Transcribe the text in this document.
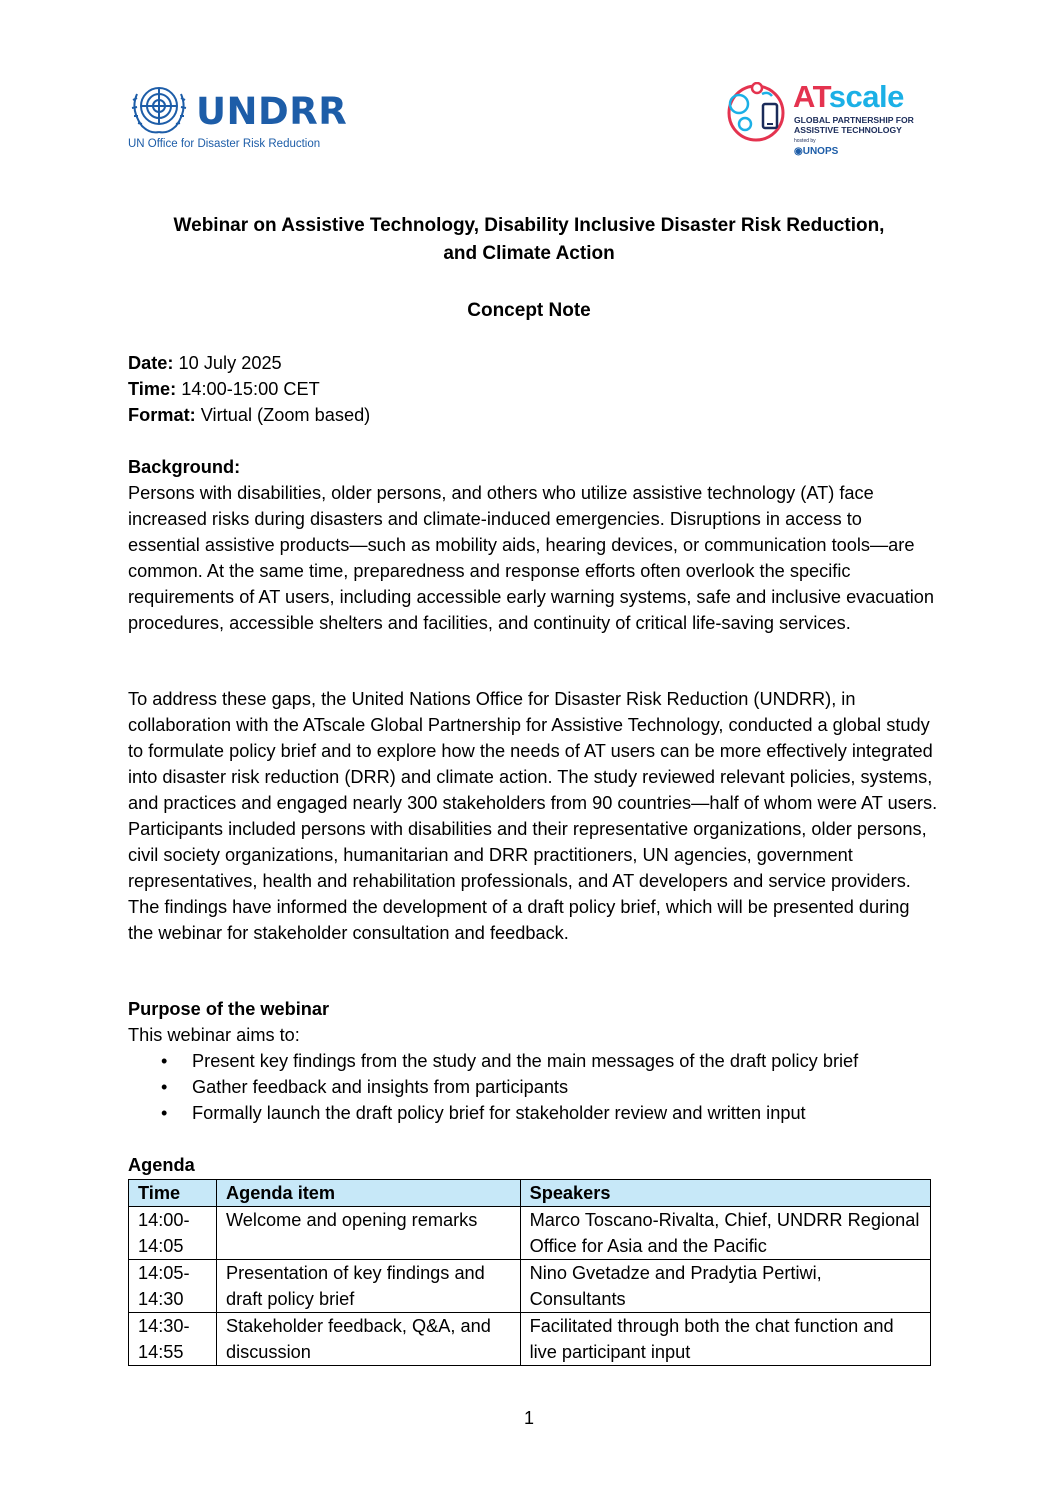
UNDRR
UN Office for Disaster Risk Reduction
ATscale
GLOBAL PARTNERSHIP FOR
ASSISTIVE TECHNOLOGY
hosted by
◉UNOPS
Webinar on Assistive Technology, Disability Inclusive Disaster Risk Reduction,
and Climate Action
Concept Note

Date: 10 July 2025

Time: 14:00-15:00 CET

Format: Virtual (Zoom based)

Background:
Persons with disabilities, older persons, and others who utilize assistive technology (AT) face increased risks during disasters and climate-induced emergencies. Disruptions in access to essential assistive products—such as mobility aids, hearing devices, or communication tools—are common. At the same time, preparedness and response efforts often overlook the specific requirements of AT users, including accessible early warning systems, safe and inclusive evacuation procedures, accessible shelters and facilities, and continuity of critical life-saving services.
To address these gaps, the United Nations Office for Disaster Risk Reduction (UNDRR), in collaboration with the ATscale Global Partnership for Assistive Technology, conducted a global study to formulate policy brief and to explore how the needs of AT users can be more effectively integrated into disaster risk reduction (DRR) and climate action. The study reviewed relevant policies, systems, and practices and engaged nearly 300 stakeholders from 90 countries—half of whom were AT users. Participants included persons with disabilities and their representative organizations, older persons, civil society organizations, humanitarian and DRR practitioners, UN agencies, government representatives, health and rehabilitation professionals, and AT developers and service providers. The findings have informed the development of a draft policy brief, which will be presented during the webinar for stakeholder consultation and feedback.
Purpose of the webinar
This webinar aims to:
• Present key findings from the study and the main messages of the draft policy brief
• Gather feedback and insights from participants
• Formally launch the draft policy brief for stakeholder review and written input
Agenda
Time	Agenda item	Speakers

14:00-
14:05	Welcome and opening remarks	Marco Toscano-Rivalta, Chief, UNDRR Regional Office for Asia and the Pacific

14:05-
14:30	Presentation of key findings and draft policy brief	Nino Gvetadze and Pradytia Pertiwi, Consultants

14:30-
14:55	Stakeholder feedback, Q&A, and discussion	Facilitated through both the chat function and live participant input
1
